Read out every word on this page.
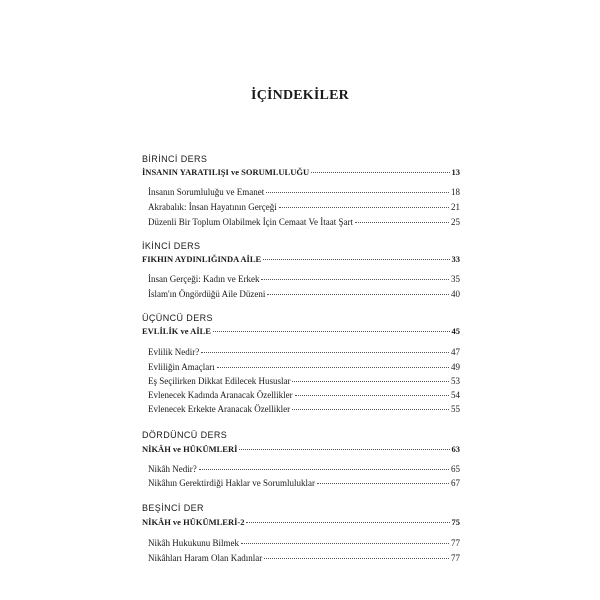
İÇİNDEKİLER
BİRİNCİ DERS
İNSANIN YARATILIŞI ve SORUMLULUĞU	13
İnsanın Sorumluluğu ve Emanet	18
Akrabalık: İnsan Hayatının Gerçeği	21
Düzenli Bir Toplum Olabilmek İçin Cemaat Ve İtaat Şart	25
İKİNCİ DERS
FIKHIN AYDINLIĞINDA AİLE	33
İnsan Gerçeği: Kadın ve Erkek	35
İslam'ın Öngördüğü Aile Düzeni	40
ÜÇÜNCÜ DERS
EVLİLİK ve AİLE	45
Evlilik Nedir?	47
Evliliğin Amaçları	49
Eş Seçilirken Dikkat Edilecek Hususlar	53
Evlenecek Kadında Aranacak Özellikler	54
Evlenecek Erkekte Aranacak Özellikler	55
DÖRDÜNCÜ DERS
NİKÂH ve HÜKÜMLERİ	63
Nikâh Nedir?	65
Nikâhın Gerektirdiği Haklar ve Sorumluluklar	67
BEŞİNCİ DER
NİKÂH ve HÜKÜMLERİ-2	75
Nikâh Hukukunu Bilmek	77
Nikâhları Haram Olan Kadınlar	77
